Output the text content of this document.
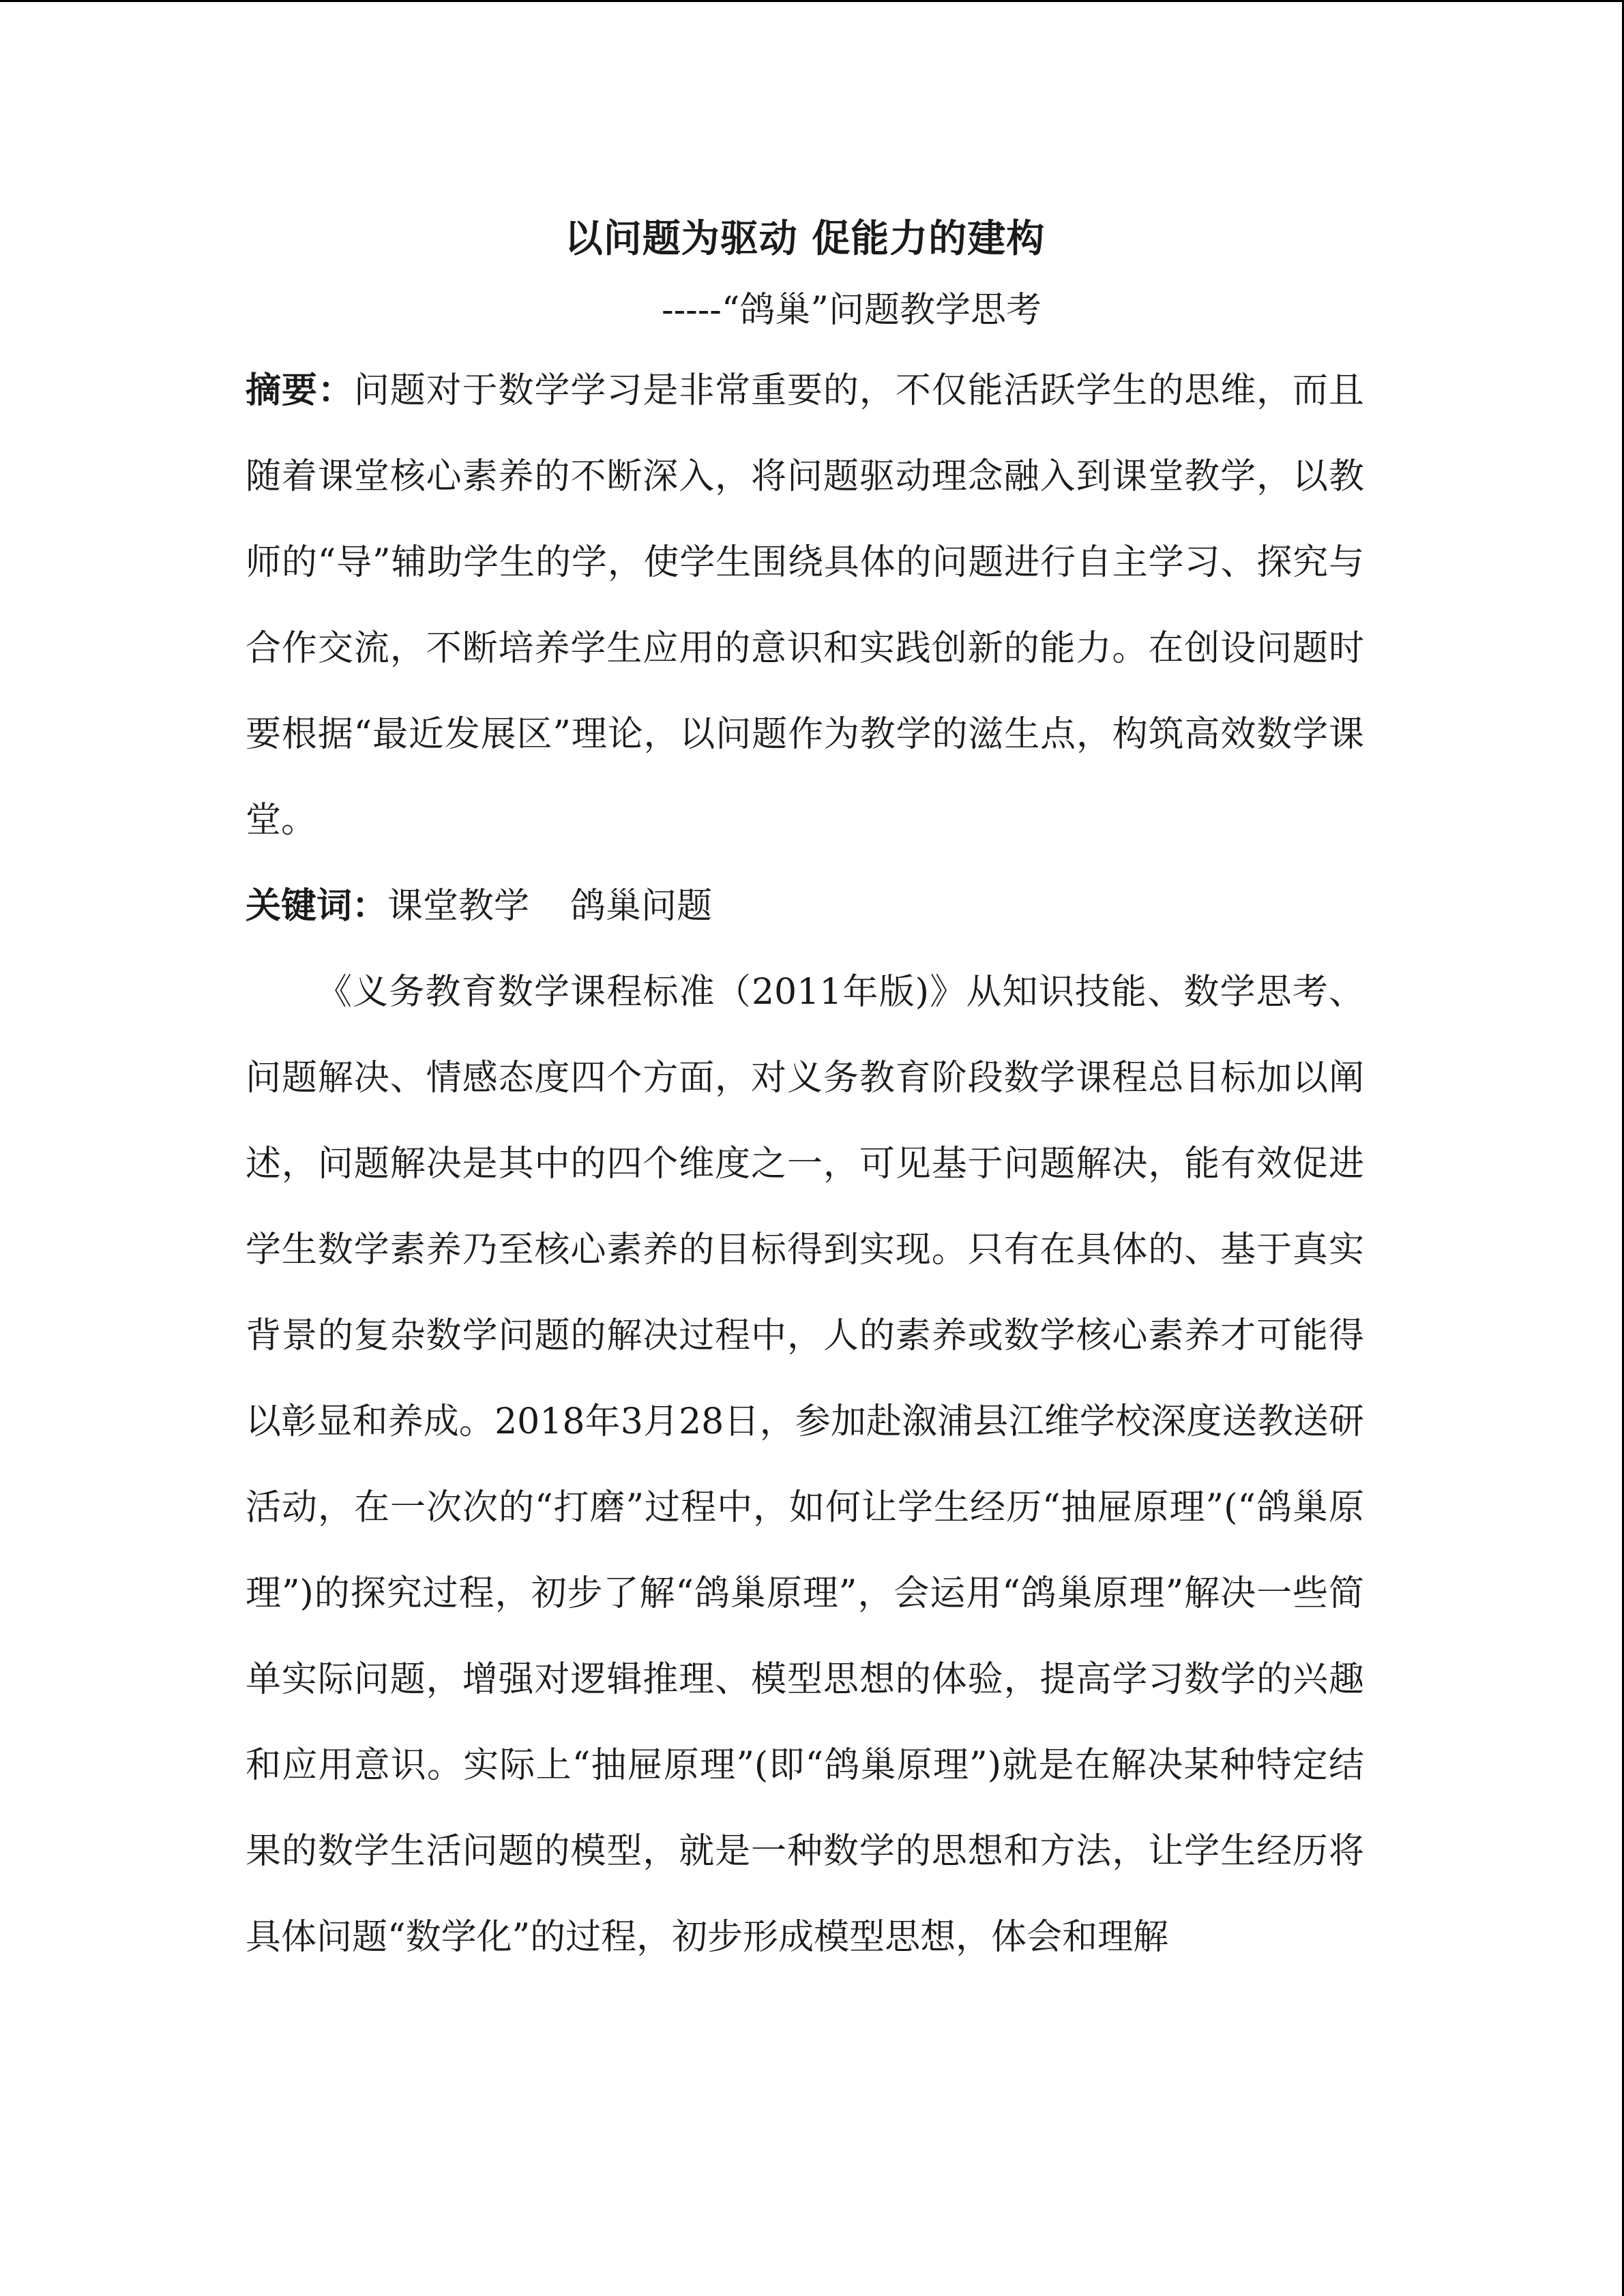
以问题为驱动 促能力的建构

-----“鸽巢”问题教学思考

摘要：问题对于数学学习是非常重要的，不仅能活跃学生的思维，而且随着课堂核心素养的不断深入，将问题驱动理念融入到课堂教学，以教师的“导”辅助学生的学，使学生围绕具体的问题进行自主学习、探究与合作交流，不断培养学生应用的意识和实践创新的能力。在创设问题时要根据“最近发展区”理论，以问题作为教学的滋生点，构筑高效数学课堂。

关键词：课堂教学 鸽巢问题

《义务教育数学课程标准（2011年版)》从知识技能、数学思考、问题解决、情感态度四个方面，对义务教育阶段数学课程总目标加以阐述，问题解决是其中的四个维度之一，可见基于问题解决，能有效促进学生数学素养乃至核心素养的目标得到实现。只有在具体的、基于真实背景的复杂数学问题的解决过程中，人的素养或数学核心素养才可能得以彰显和养成。2018年3月28日，参加赴溆浦县江维学校深度送教送研活动，在一次次的“打磨”过程中，如何让学生经历“抽屉原理”(“鸽巢原理”)的探究过程，初步了解“鸽巢原理”，会运用“鸽巢原理”解决一些简单实际问题，增强对逻辑推理、模型思想的体验，提高学习数学的兴趣和应用意识。实际上“抽屉原理”(即“鸽巢原理”)就是在解决某种特定结果的数学生活问题的模型，就是一种数学的思想和方法，让学生经历将具体问题“数学化”的过程，初步形成模型思想，体会和理解
